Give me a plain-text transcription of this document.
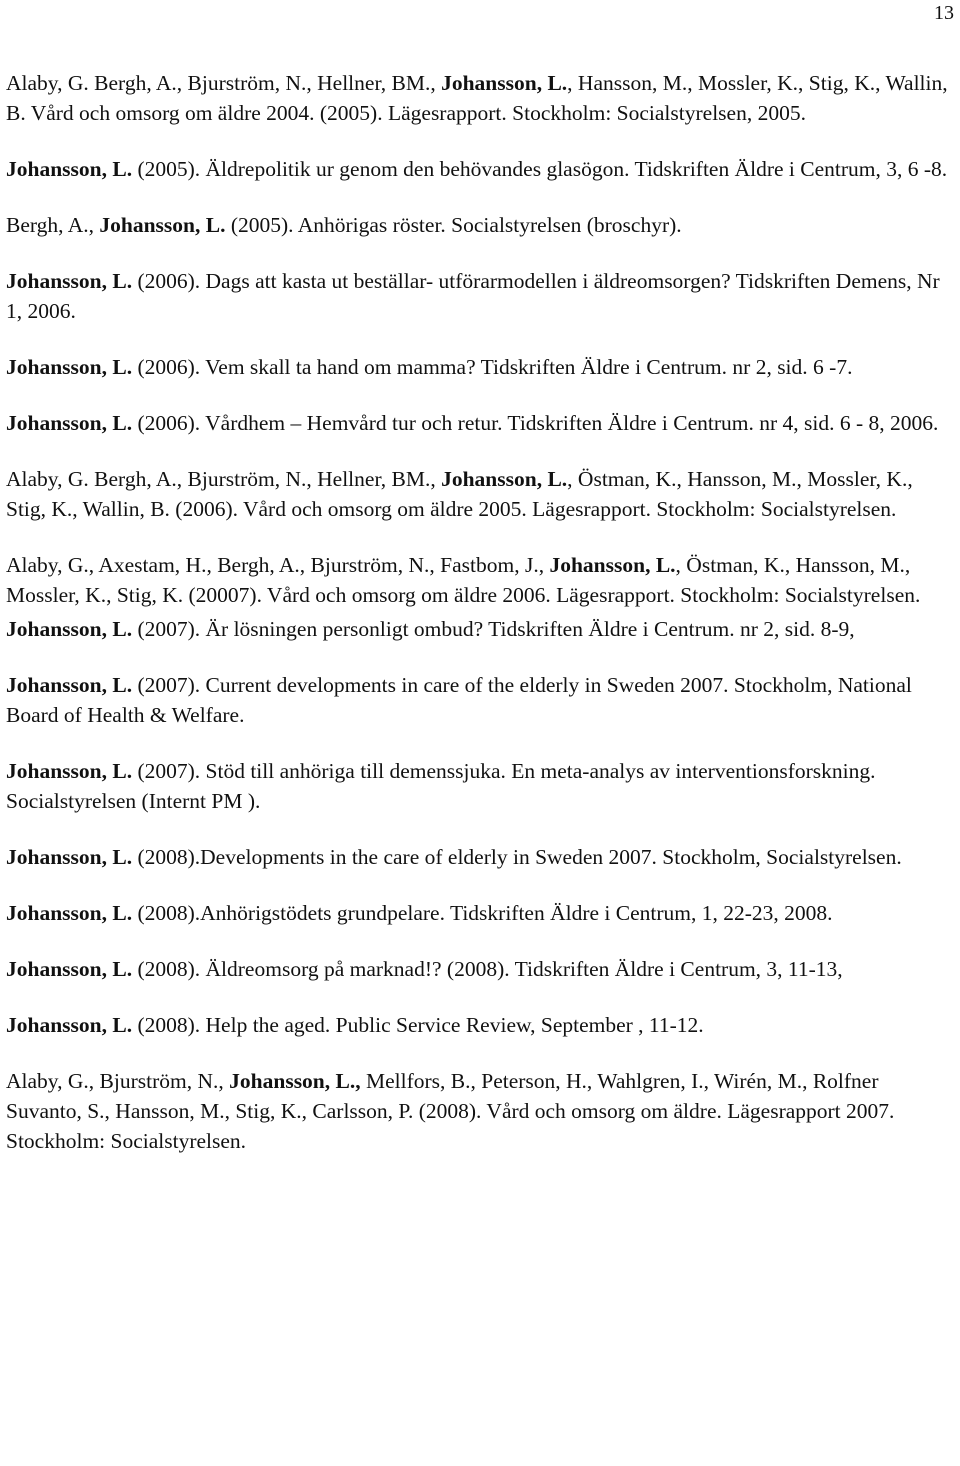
13

Alaby, G. Bergh, A., Bjurström, N., Hellner, BM., Johansson, L., Hansson, M., Mossler, K., Stig, K., Wallin, B. Vård och omsorg om äldre 2004. (2005). Lägesrapport. Stockholm: Socialstyrelsen, 2005.

Johansson, L. (2005). Äldrepolitik ur genom den behövandes glasögon. Tidskriften Äldre i Centrum, 3, 6 -8.

Bergh, A., Johansson, L. (2005). Anhörigas röster. Socialstyrelsen (broschyr).

Johansson, L. (2006). Dags att kasta ut beställar- utförarmodellen i äldreomsorgen? Tidskriften Demens, Nr 1, 2006.

Johansson, L. (2006). Vem skall ta hand om mamma? Tidskriften Äldre i Centrum. nr 2, sid. 6 -7.

Johansson, L. (2006). Vårdhem – Hemvård tur och retur. Tidskriften Äldre i Centrum. nr 4, sid. 6 - 8, 2006.

Alaby, G. Bergh, A., Bjurström, N., Hellner, BM., Johansson, L., Östman, K., Hansson, M., Mossler, K., Stig, K., Wallin, B. (2006). Vård och omsorg om äldre 2005. Lägesrapport. Stockholm: Socialstyrelsen.

Alaby, G., Axestam, H., Bergh, A., Bjurström, N., Fastbom, J., Johansson, L., Östman, K., Hansson, M., Mossler, K., Stig, K. (20007). Vård och omsorg om äldre 2006. Lägesrapport. Stockholm: Socialstyrelsen.

Johansson, L. (2007). Är lösningen personligt ombud? Tidskriften Äldre i Centrum. nr 2, sid. 8-9,

Johansson, L. (2007). Current developments in care of the elderly in Sweden 2007. Stockholm, National Board of Health & Welfare.

Johansson, L. (2007). Stöd till anhöriga till demenssjuka. En meta-analys av interventionsforskning. Socialstyrelsen (Internt PM ).

Johansson, L. (2008).Developments in the care of elderly in Sweden 2007. Stockholm, Socialstyrelsen.

Johansson, L. (2008).Anhörigstödets grundpelare. Tidskriften Äldre i Centrum, 1, 22-23, 2008.

Johansson, L. (2008). Äldreomsorg på marknad!? (2008). Tidskriften Äldre i Centrum, 3, 11-13,

Johansson, L. (2008). Help the aged. Public Service Review, September , 11-12.

Alaby, G., Bjurström, N., Johansson, L., Mellfors, B., Peterson, H., Wahlgren, I., Wirén, M., Rolfner Suvanto, S., Hansson, M., Stig, K., Carlsson, P. (2008). Vård och omsorg om äldre. Lägesrapport 2007. Stockholm: Socialstyrelsen.
